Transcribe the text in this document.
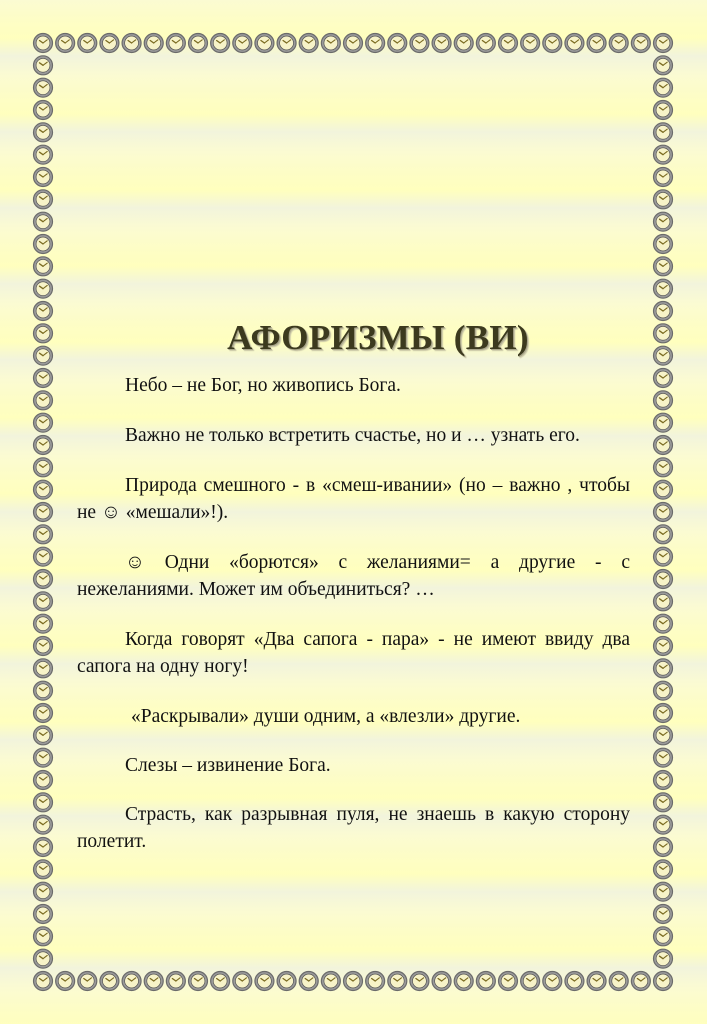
АФОРИЗМЫ (ВИ)

Небо – не Бог, но живопись Бога.

Важно не только встретить счастье, но и … узнать его.

Природа смешного - в «смеш-ивании» (но – важно , чтобы не ☺ «мешали»!).

☺ Одни «борются» с желаниями= а другие - с нежеланиями. Может им объединиться? …

Когда говорят «Два сапога - пара» - не имеют ввиду два сапога на одну ногу!

«Раскрывали» души одним, а «влезли» другие.

Слезы – извинение Бога.

Страсть, как разрывная пуля, не знаешь в какую сторону полетит.
